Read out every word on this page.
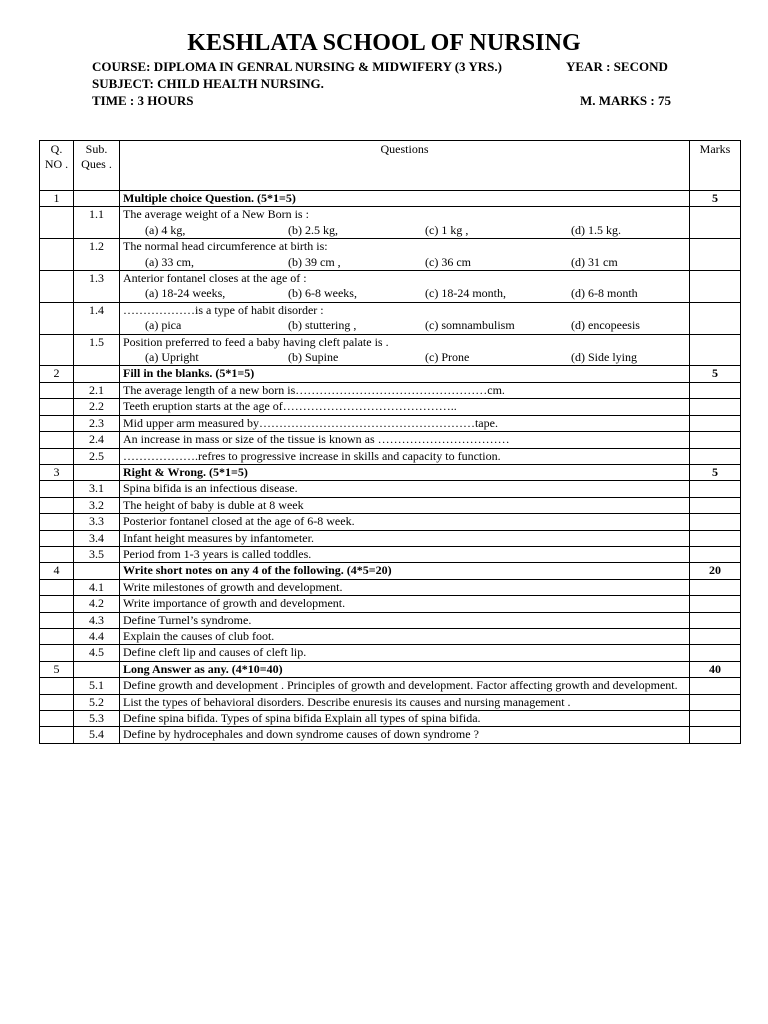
KESHLATA SCHOOL OF NURSING
COURSE: DIPLOMA IN GENRAL NURSING & MIDWIFERY (3 YRS.)	YEAR : SECOND
SUBJECT: CHILD HEALTH NURSING.
TIME : 3 HOURS	M. MARKS : 75
Q. NO .	Sub. Ques .	Questions	Marks
1		Multiple choice Question. (5*1=5)	5
	1.1	The average weight of a New Born is :
(a) 4 kg, (b) 2.5 kg, (c) 1 kg , (d) 1.5 kg.	

	1.2	The normal head circumference at birth is:
(a) 33 cm, (b) 39 cm , (c) 36 cm (d) 31 cm	

	1.3	Anterior fontanel closes at the age of :
(a) 18-24 weeks, (b) 6-8 weeks, (c) 18-24 month, (d) 6-8 month	

	1.4	………………is a type of habit disorder :
(a) pica (b) stuttering , (c) somnambulism (d) encopeesis	

	1.5	Position preferred to feed a baby having cleft palate is .
(a) Upright (b) Supine (c) Prone (d) Side lying	

2		Fill in the blanks. (5*1=5)	5
	2.1	The average length of a new born is…………………………………………cm.	

	2.2	Teeth eruption starts at the age of……………………………………..	

	2.3	Mid upper arm measured by………………………………………………tape.	

	2.4	An increase in mass or size of the tissue is known as ……………………………	

	2.5	……………….refres to progressive increase in skills and capacity to function.	

3		Right & Wrong. (5*1=5)	5
	3.1	Spina bifida is an infectious disease.	

	3.2	The height of baby is duble at 8 week	

	3.3	Posterior fontanel closed at the age of 6-8 week.	

	3.4	Infant height measures by infantometer.	

	3.5	Period from 1-3 years is called toddles.	

4		Write short notes on any 4 of the following. (4*5=20)	20
	4.1	Write milestones of growth and development.	

	4.2	Write importance of growth and development.	

	4.3	Define Turnel’s syndrome.	

	4.4	Explain the causes of club foot.	

	4.5	Define cleft lip and causes of cleft lip.	

5		Long Answer as any. (4*10=40)	40
	5.1	Define growth and development . Principles of growth and development. Factor affecting growth and development.	

	5.2	List the types of behavioral disorders. Describe enuresis its causes and nursing management .	

	5.3	Define spina bifida. Types of spina bifida Explain all types of spina bifida.	

	5.4	Define by hydrocephales and down syndrome causes of down syndrome ?	
